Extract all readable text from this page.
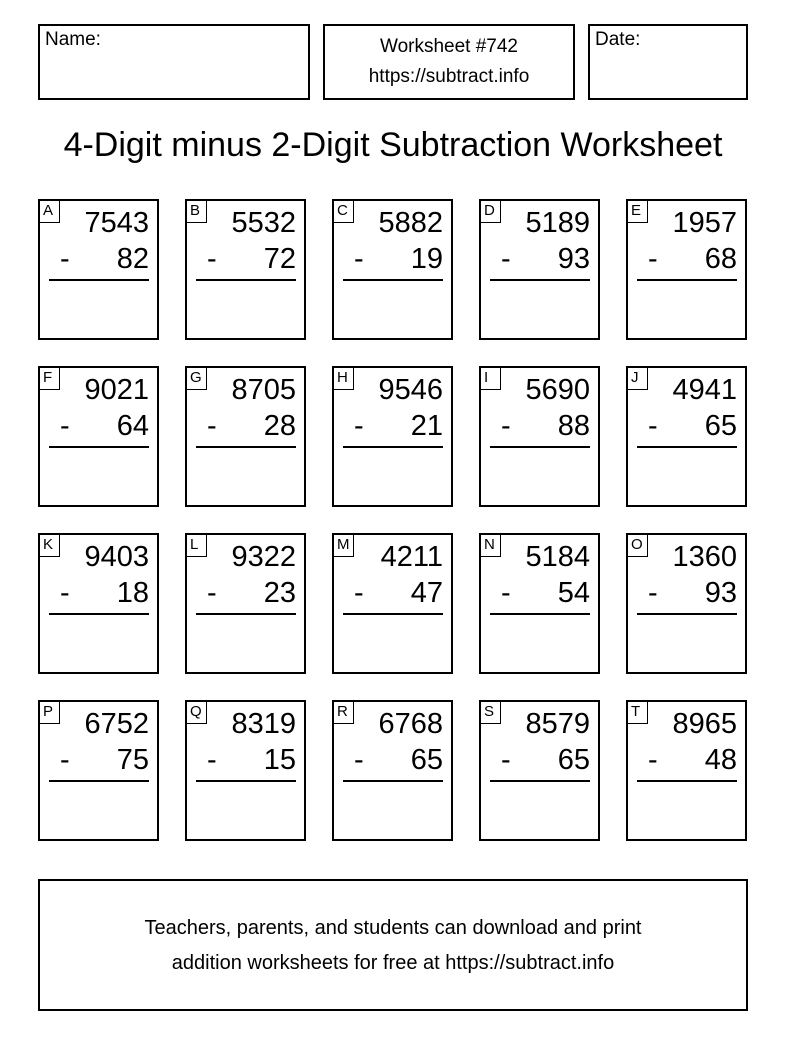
Name:	Worksheet #742
https://subtract.info
Date:
4-Digit minus 2-Digit Subtraction Worksheet
A 7543
- 82
B 5532
- 72
C 5882
- 19
D 5189
- 93
E 1957
- 68
F 9021
- 64
G 8705
- 28
H 9546
- 21
I	5690
- 88
J	4941
- 65
K 9403
- 18
L 9322
- 23
M 4211
- 47
N 5184
- 54
O 1360
- 93
P 6752
- 75
Q 8319
- 15
R 6768
- 65
S 8579
- 65
T 8965
- 48
Teachers, parents, and students can download and print
addition worksheets for free at https://subtract.info
